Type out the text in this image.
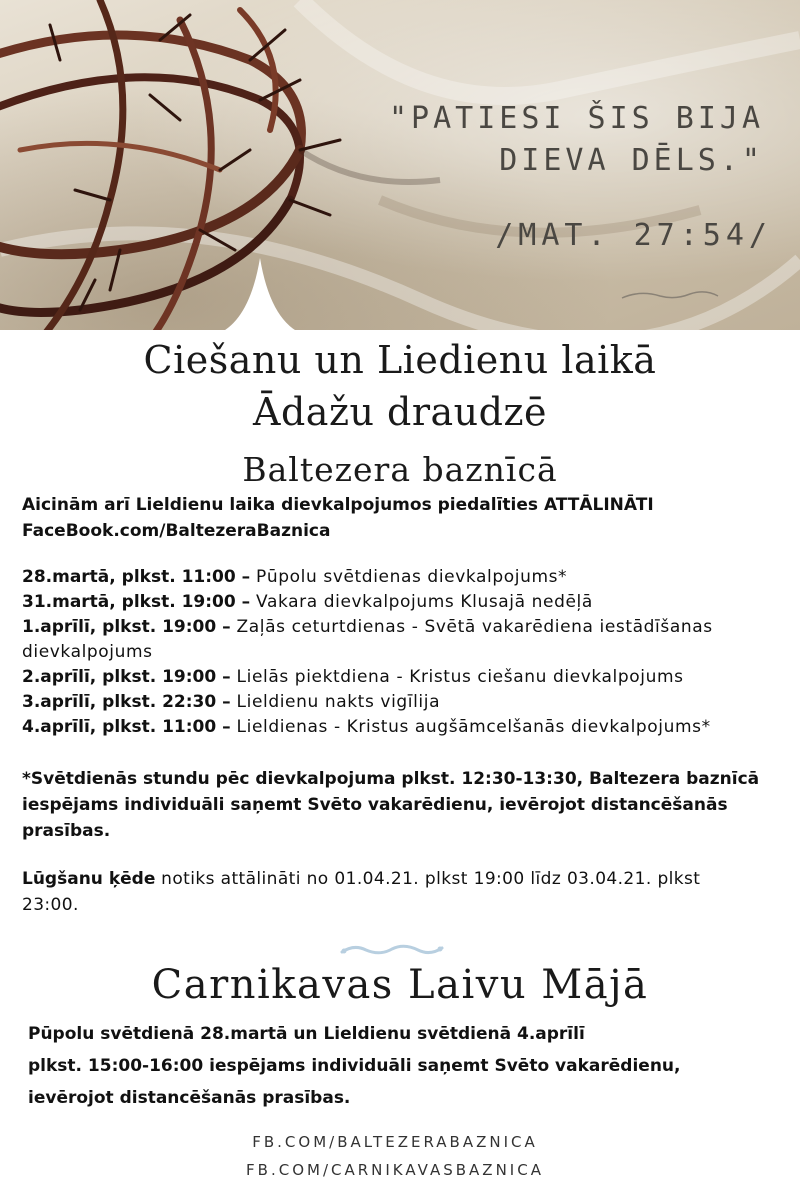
"PATIESI ŠIS BIJA
DIEVA DĒLS."
/MAT. 27:54/
Ciešanu un Liedienu laikā
Ādažu draudzē
Baltezera baznīcā
Aicinām arī Lieldienu laika dievkalpojumos piedalīties ATTĀLINĀTI
FaceBook.com/BaltezeraBaznica
28.martā, plkst. 11:00 – Pūpolu svētdienas dievkalpojums*
31.martā, plkst. 19:00 – Vakara dievkalpojums Klusajā nedēļā
1.aprīlī, plkst. 19:00 – Zaļās ceturtdienas - Svētā vakarēdiena iestādīšanas dievkalpojums
2.aprīlī, plkst. 19:00 – Lielās piektdiena - Kristus ciešanu dievkalpojums
3.aprīlī, plkst. 22:30 – Lieldienu nakts vigīlija
4.aprīlī, plkst. 11:00 – Lieldienas - Kristus augšāmcelšanās dievkalpojums*
*Svētdienās stundu pēc dievkalpojuma plkst. 12:30-13:30, Baltezera baznīcā iespējams individuāli saņemt Svēto vakarēdienu, ievērojot distancēšanās prasības.
Lūgšanu ķēde notiks attālināti no 01.04.21. plkst 19:00 līdz 03.04.21. plkst 23:00.
Carnikavas Laivu Mājā
Pūpolu svētdienā 28.martā un Lieldienu svētdienā 4.aprīlī
plkst. 15:00-16:00 iespējams individuāli saņemt Svēto vakarēdienu,
ievērojot distancēšanās prasības.
FB.COM/BALTEZERABAZNICA
FB.COM/CARNIKAVASBAZNICA
